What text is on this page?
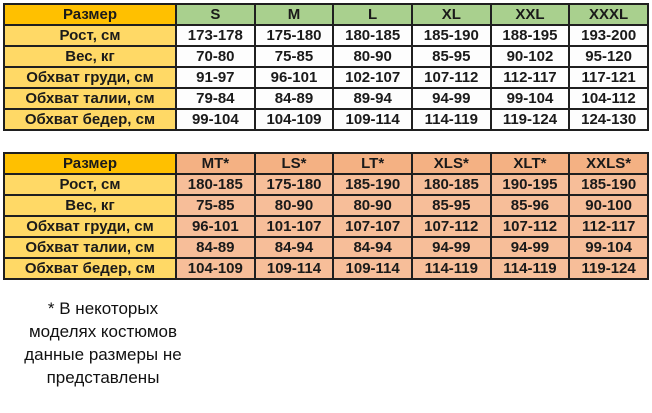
Размер	S	M	L	XL	XXL	XXXL
Рост, см	173-178	175-180	180-185	185-190	188-195	193-200
Вес, кг	70-80	75-85	80-90	85-95	90-102	95-120
Обхват груди, см	91-97	96-101	102-107	107-112	112-117	117-121
Обхват талии, см	79-84	84-89	89-94	94-99	99-104	104-112
Обхват бедер, см	99-104	104-109	109-114	114-119	119-124	124-130
Размер	MT*	LS*	LT*	XLS*	XLT*	XXLS*
Рост, см	180-185	175-180	185-190	180-185	190-195	185-190
Вес, кг	75-85	80-90	80-90	85-95	85-96	90-100
Обхват груди, см	96-101	101-107	107-107	107-112	107-112	112-117
Обхват талии, см	84-89	84-94	84-94	94-99	94-99	99-104
Обхват бедер, см	104-109	109-114	109-114	114-119	114-119	119-124
* В некоторых
моделях костюмов
данные размеры не
представлены
